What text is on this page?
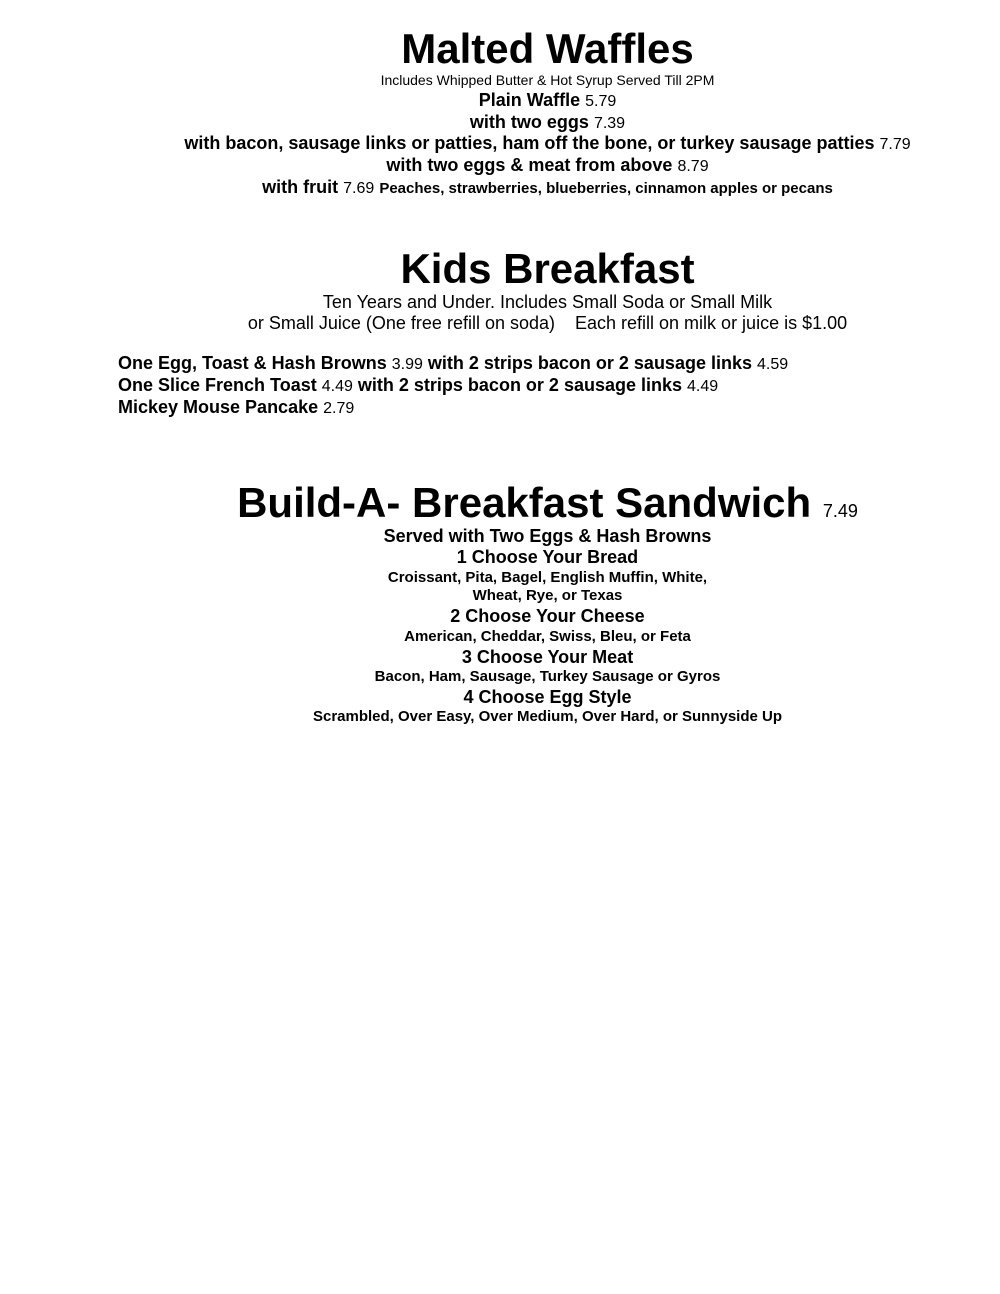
Malted Waffles
Includes Whipped Butter & Hot Syrup Served Till 2PM
Plain Waffle 5.79
with two eggs 7.39
with bacon, sausage links or patties, ham off the bone, or turkey sausage patties 7.79
with two eggs & meat from above 8.79
with fruit 7.69 Peaches, strawberries, blueberries, cinnamon apples or pecans
Kids Breakfast
Ten Years and Under. Includes Small Soda or Small Milk
or Small Juice (One free refill on soda)    Each refill on milk or juice is $1.00
One Egg, Toast & Hash Browns 3.99 with 2 strips bacon or 2 sausage links 4.59
One Slice French Toast 4.49 with 2 strips bacon or 2 sausage links 4.49
Mickey Mouse Pancake 2.79
Build-A- Breakfast Sandwich 7.49
Served with Two Eggs & Hash Browns
1 Choose Your Bread
Croissant, Pita, Bagel, English Muffin, White,
Wheat, Rye, or Texas
2 Choose Your Cheese
American, Cheddar, Swiss, Bleu, or Feta
3 Choose Your Meat
Bacon, Ham, Sausage, Turkey Sausage or Gyros
4 Choose Egg Style
Scrambled, Over Easy, Over Medium, Over Hard, or Sunnyside Up
